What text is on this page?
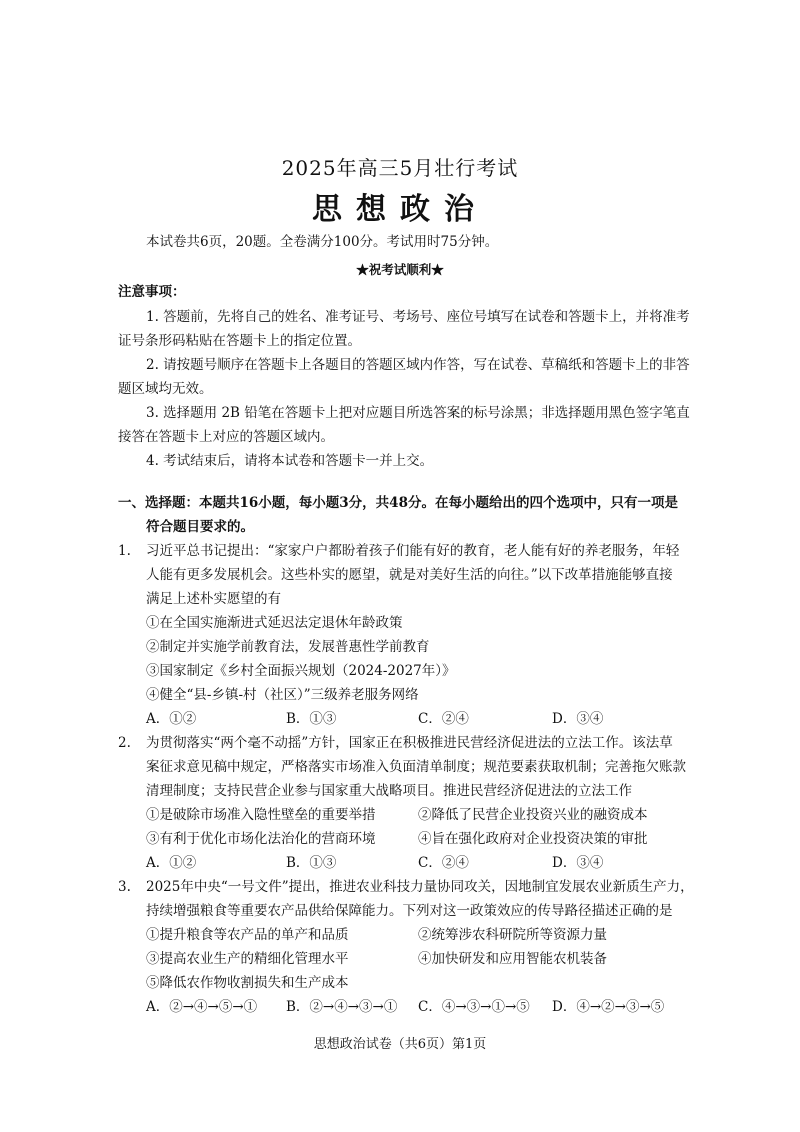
2025年高三5月壮行考试
思想政治
本试卷共6页，20题。全卷满分100分。考试用时75分钟。
★祝考试顺利★
注意事项：
1. 答题前，先将自己的姓名、准考证号、考场号、座位号填写在试卷和答题卡上，并将准考
证号条形码粘贴在答题卡上的指定位置。
2. 请按题号顺序在答题卡上各题目的答题区域内作答，写在试卷、草稿纸和答题卡上的非答
题区域均无效。
3. 选择题用 2B 铅笔在答题卡上把对应题目所选答案的标号涂黑；非选择题用黑色签字笔直
接答在答题卡上对应的答题区域内。
4. 考试结束后，请将本试卷和答题卡一并上交。
一、选择题：本题共16小题，每小题3分，共48分。在每小题给出的四个选项中，只有一项是
符合题目要求的。
1. 习近平总书记提出：“家家户户都盼着孩子们能有好的教育，老人能有好的养老服务，年轻
人能有更多发展机会。这些朴实的愿望，就是对美好生活的向往。”以下改革措施能够直接
满足上述朴实愿望的有
①在全国实施渐进式延迟法定退休年龄政策
②制定并实施学前教育法，发展普惠性学前教育
③国家制定《乡村全面振兴规划（2024-2027年）》
④健全“县-乡镇-村（社区）”三级养老服务网络
A．①②	B．①③	C．②④	D．③④
2. 为贯彻落实“两个毫不动摇”方针，国家正在积极推进民营经济促进法的立法工作。该法草
案征求意见稿中规定，严格落实市场准入负面清单制度；规范要素获取机制；完善拖欠账款
清理制度；支持民营企业参与国家重大战略项目。推进民营经济促进法的立法工作
①是破除市场准入隐性壁垒的重要举措	②降低了民营企业投资兴业的融资成本
③有利于优化市场化法治化的营商环境	④旨在强化政府对企业投资决策的审批
A．①②	B．①③	C．②④	D．③④
3. 2025年中央“一号文件”提出，推进农业科技力量协同攻关，因地制宜发展农业新质生产力，
持续增强粮食等重要农产品供给保障能力。下列对这一政策效应的传导路径描述正确的是
①提升粮食等农产品的单产和品质	②统筹涉农科研院所等资源力量
③提高农业生产的精细化管理水平	④加快研发和应用智能农机装备
⑤降低农作物收割损失和生产成本
A．②→④→⑤→① B．②→④→③→① C．④→③→①→⑤ D．④→②→③→⑤
思想政治试卷（共6页）第1页
